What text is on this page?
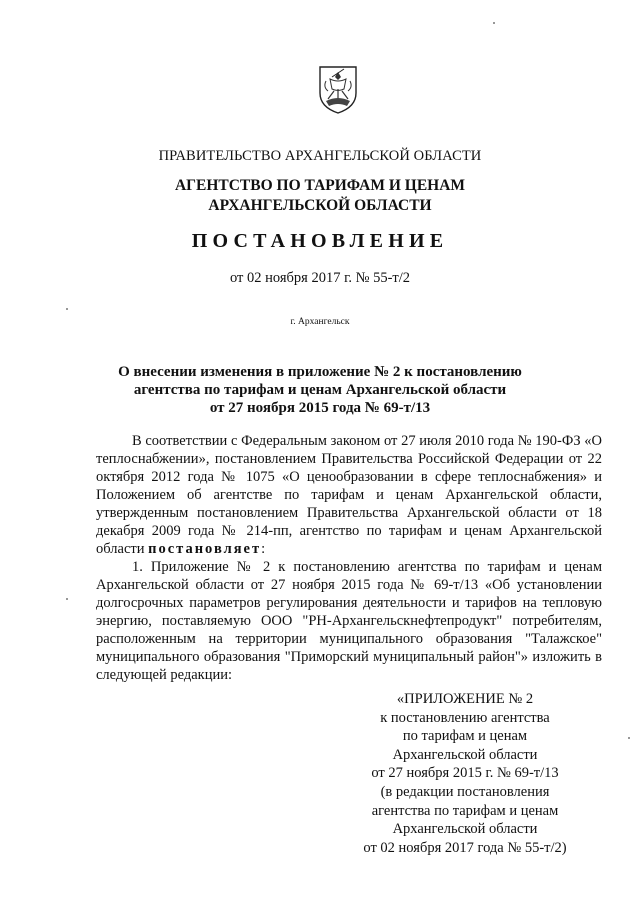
ПРАВИТЕЛЬСТВО АРХАНГЕЛЬСКОЙ ОБЛАСТИ
АГЕНТСТВО ПО ТАРИФАМ И ЦЕНАМ
АРХАНГЕЛЬСКОЙ ОБЛАСТИ
ПОСТАНОВЛЕНИЕ
от 02 ноября 2017 г. № 55-т/2
г. Архангельск
О внесении изменения в приложение № 2 к постановлению
агентства по тарифам и ценам Архангельской области
от 27 ноября 2015 года № 69-т/13

В соответствии с Федеральным законом от 27 июля 2010 года № 190-ФЗ «О теплоснабжении», постановлением Правительства Российской Федерации от 22 октября 2012 года № 1075 «О ценообразовании в сфере теплоснабжения» и Положением об агентстве по тарифам и ценам Архангельской области, утвержденным постановлением Правительства Архангельской области от 18 декабря 2009 года № 214-пп, агентство по тарифам и ценам Архангельской области постановляет:

1. Приложение № 2 к постановлению агентства по тарифам и ценам Архангельской области от 27 ноября 2015 года № 69-т/13 «Об установлении долгосрочных параметров регулирования деятельности и тарифов на тепловую энергию, поставляемую ООО "РН-Архангельскнефтепродукт" потребителям, расположенным на территории муниципального образования "Талажское" муниципального образования "Приморский муниципальный район"» изложить в следующей редакции:

«ПРИЛОЖЕНИЕ № 2
к постановлению агентства
по тарифам и ценам
Архангельской области
от 27 ноября 2015 г. № 69-т/13
(в редакции постановления
агентства по тарифам и ценам
Архангельской области
от 02 ноября 2017 года № 55-т/2)
